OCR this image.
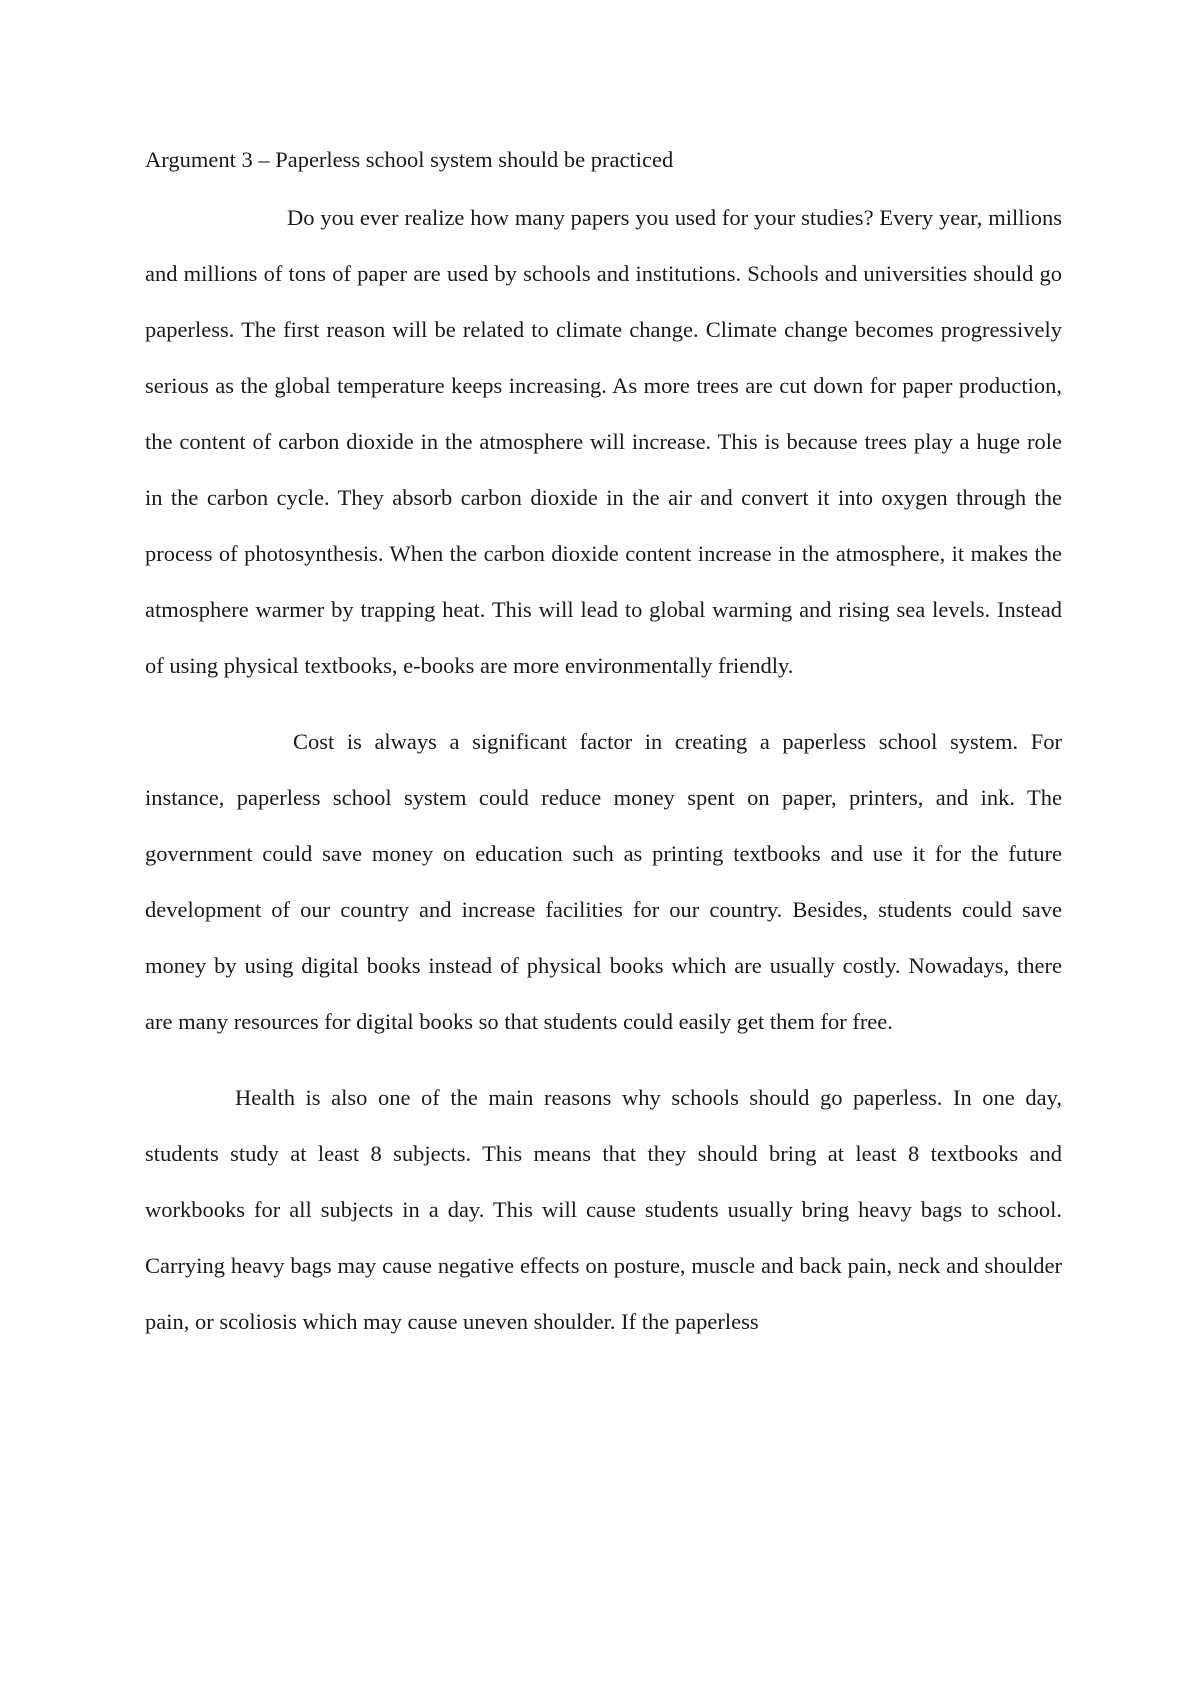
Argument 3 – Paperless school system should be practiced

Do you ever realize how many papers you used for your studies? Every year, millions and millions of tons of paper are used by schools and institutions. Schools and universities should go paperless. The first reason will be related to climate change. Climate change becomes progressively serious as the global temperature keeps increasing. As more trees are cut down for paper production, the content of carbon dioxide in the atmosphere will increase. This is because trees play a huge role in the carbon cycle. They absorb carbon dioxide in the air and convert it into oxygen through the process of photosynthesis. When the carbon dioxide content increase in the atmosphere, it makes the atmosphere warmer by trapping heat. This will lead to global warming and rising sea levels. Instead of using physical textbooks, e-books are more environmentally friendly.

Cost is always a significant factor in creating a paperless school system. For instance, paperless school system could reduce money spent on paper, printers, and ink. The government could save money on education such as printing textbooks and use it for the future development of our country and increase facilities for our country. Besides, students could save money by using digital books instead of physical books which are usually costly. Nowadays, there are many resources for digital books so that students could easily get them for free.

Health is also one of the main reasons why schools should go paperless. In one day, students study at least 8 subjects. This means that they should bring at least 8 textbooks and workbooks for all subjects in a day. This will cause students usually bring heavy bags to school. Carrying heavy bags may cause negative effects on posture, muscle and back pain, neck and shoulder pain, or scoliosis which may cause uneven shoulder. If the paperless
